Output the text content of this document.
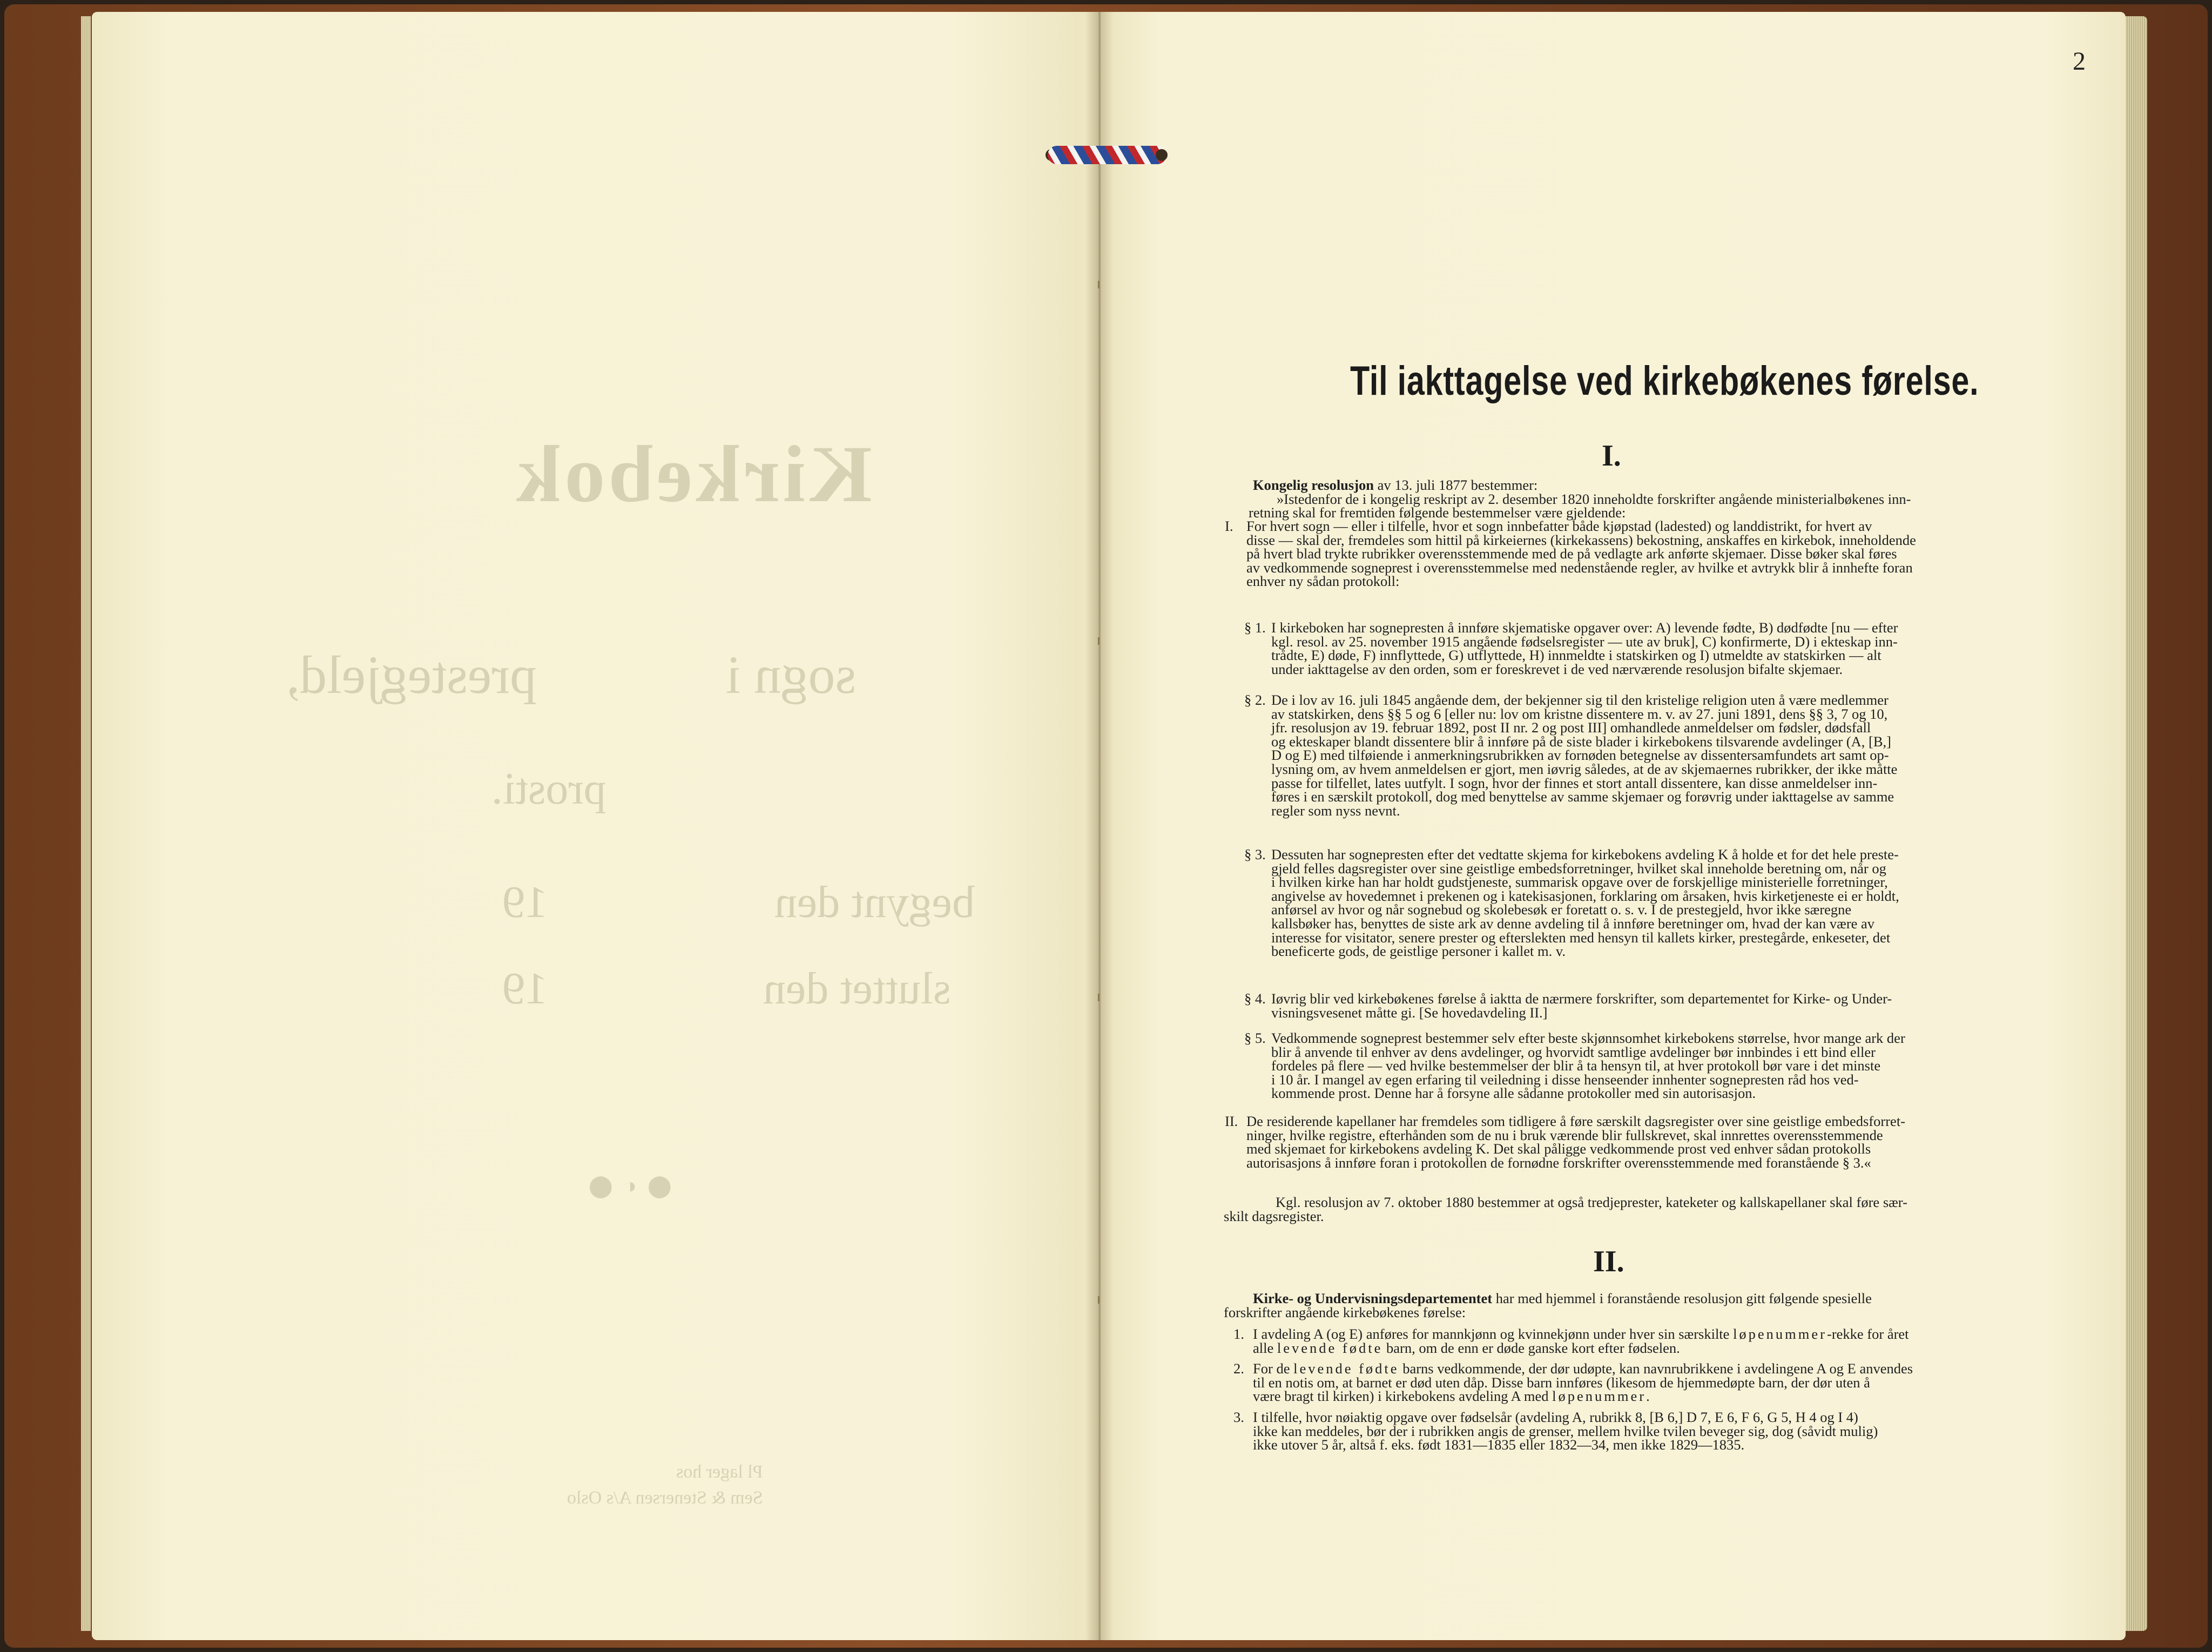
Kirkebok
sogn i              prestegjeld,
prosti.
begynt den                    19
sluttet den                   19
⬤  ◐  ⬤
Pl lager hos
Sem & Stenersen A/s Oslo
2
Til iakttagelse ved kirkebøkenes førelse.
I.
Kongelig resolusjon av 13. juli 1877 bestemmer:
»Istedenfor de i kongelig reskript av 2. desember 1820 inneholdte forskrifter angående ministerialbøkenes inn-
retning skal for fremtiden følgende bestemmelser være gjeldende:
I. For hvert sogn — eller i tilfelle, hvor et sogn innbefatter både kjøpstad (ladested) og landdistrikt, for hvert av
disse — skal der, fremdeles som hittil på kirkeiernes (kirkekassens) bekostning, anskaffes en kirkebok, inneholdende
på hvert blad trykte rubrikker overensstemmende med de på vedlagte ark anførte skjemaer. Disse bøker skal føres
av vedkommende sogneprest i overensstemmelse med nedenstående regler, av hvilke et avtrykk blir å innhefte foran
enhver ny sådan protokoll:
§ 1. I kirkeboken har sognepresten å innføre skjematiske opgaver over: A) levende fødte, B) dødfødte [nu — efter
kgl. resol. av 25. november 1915 angående fødselsregister — ute av bruk], C) konfirmerte, D) i ekteskap inn-
trådte, E) døde, F) innflyttede, G) utflyttede, H) innmeldte i statskirken og I) utmeldte av statskirken — alt
under iakttagelse av den orden, som er foreskrevet i de ved nærværende resolusjon bifalte skjemaer.
§ 2. De i lov av 16. juli 1845 angående dem, der bekjenner sig til den kristelige religion uten å være medlemmer
av statskirken, dens §§ 5 og 6 [eller nu: lov om kristne dissentere m. v. av 27. juni 1891, dens §§ 3, 7 og 10,
jfr. resolusjon av 19. februar 1892, post II nr. 2 og post III] omhandlede anmeldelser om fødsler, dødsfall
og ekteskaper blandt dissentere blir å innføre på de siste blader i kirkebokens tilsvarende avdelinger (A, [B,]
D og E) med tilføiende i anmerkningsrubrikken av fornøden betegnelse av dissentersamfundets art samt op-
lysning om, av hvem anmeldelsen er gjort, men iøvrig således, at de av skjemaernes rubrikker, der ikke måtte
passe for tilfellet, lates uutfylt. I sogn, hvor der finnes et stort antall dissentere, kan disse anmeldelser inn-
føres i en særskilt protokoll, dog med benyttelse av samme skjemaer og forøvrig under iakttagelse av samme
regler som nyss nevnt.
§ 3. Dessuten har sognepresten efter det vedtatte skjema for kirkebokens avdeling K å holde et for det hele preste-
gjeld felles dagsregister over sine geistlige embedsforretninger, hvilket skal inneholde beretning om, når og
i hvilken kirke han har holdt gudstjeneste, summarisk opgave over de forskjellige ministerielle forretninger,
angivelse av hovedemnet i prekenen og i katekisasjonen, forklaring om årsaken, hvis kirketjeneste ei er holdt,
anførsel av hvor og når sognebud og skolebesøk er foretatt o. s. v. I de prestegjeld, hvor ikke særegne
kallsbøker has, benyttes de siste ark av denne avdeling til å innføre beretninger om, hvad der kan være av
interesse for visitator, senere prester og efterslekten med hensyn til kallets kirker, prestegårde, enkeseter, det
beneficerte gods, de geistlige personer i kallet m. v.
§ 4. Iøvrig blir ved kirkebøkenes førelse å iaktta de nærmere forskrifter, som departementet for Kirke- og Under-
visningsvesenet måtte gi. [Se hovedavdeling II.]
§ 5. Vedkommende sogneprest bestemmer selv efter beste skjønnsomhet kirkebokens størrelse, hvor mange ark der
blir å anvende til enhver av dens avdelinger, og hvorvidt samtlige avdelinger bør innbindes i ett bind eller
fordeles på flere — ved hvilke bestemmelser der blir å ta hensyn til, at hver protokoll bør vare i det minste
i 10 år. I mangel av egen erfaring til veiledning i disse henseender innhenter sognepresten råd hos ved-
kommende prost. Denne har å forsyne alle sådanne protokoller med sin autorisasjon.
II. De residerende kapellaner har fremdeles som tidligere å føre særskilt dagsregister over sine geistlige embedsforret-
ninger, hvilke registre, efterhånden som de nu i bruk værende blir fullskrevet, skal innrettes overensstemmende
med skjemaet for kirkebokens avdeling K. Det skal påligge vedkommende prost ved enhver sådan protokolls
autorisasjons å innføre foran i protokollen de fornødne forskrifter overensstemmende med foranstående § 3.«
Kgl. resolusjon av 7. oktober 1880 bestemmer at også tredjeprester, kateketer og kallskapellaner skal føre sær-
skilt dagsregister.
II.
Kirke- og Undervisningsdepartementet har med hjemmel i foranstående resolusjon gitt følgende spesielle
forskrifter angående kirkebøkenes førelse:
1. I avdeling A (og E) anføres for mannkjønn og kvinnekjønn under hver sin særskilte løpenummer-rekke for året
alle levende fødte barn, om de enn er døde ganske kort efter fødselen.
2. For de levende fødte barns vedkommende, der dør udøpte, kan navnrubrikkene i avdelingene A og E anvendes
til en notis om, at barnet er død uten dåp. Disse barn innføres (likesom de hjemmedøpte barn, der dør uten å
være bragt til kirken) i kirkebokens avdeling A med løpenummer.
3. I tilfelle, hvor nøiaktig opgave over fødselsår (avdeling A, rubrikk 8, [B 6,] D 7, E 6, F 6, G 5, H 4 og I 4)
ikke kan meddeles, bør der i rubrikken angis de grenser, mellem hvilke tvilen beveger sig, dog (såvidt mulig)
ikke utover 5 år, altså f. eks. født 1831—1835 eller 1832—34, men ikke 1829—1835.
